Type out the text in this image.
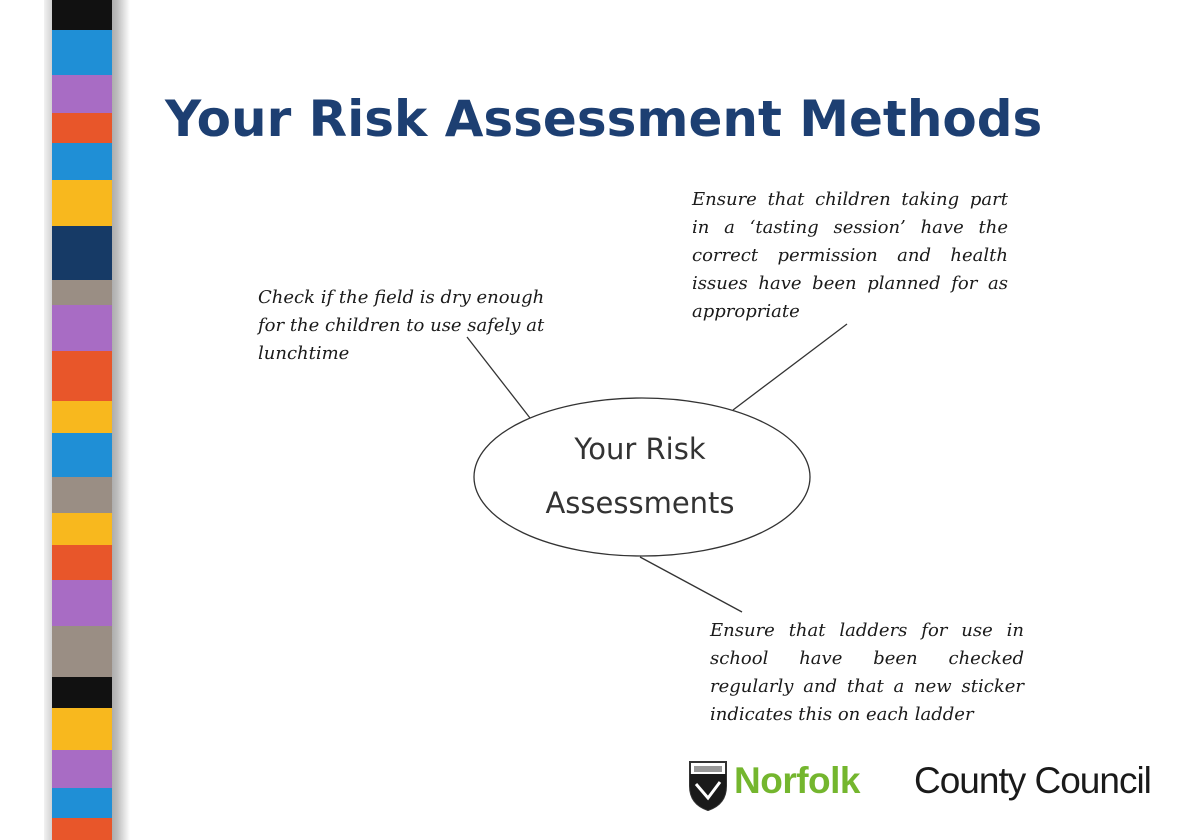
Your Risk Assessment Methods
Your Risk
Assessments
Check if the field is dry enough for the children to use safely at lunchtime
Ensure that children taking part in a ‘tasting session’ have the correct permission and health issues have been planned for as appropriate
Ensure that ladders for use in school have been checked regularly and that a new sticker indicates this on each ladder
Norfolk County Council
